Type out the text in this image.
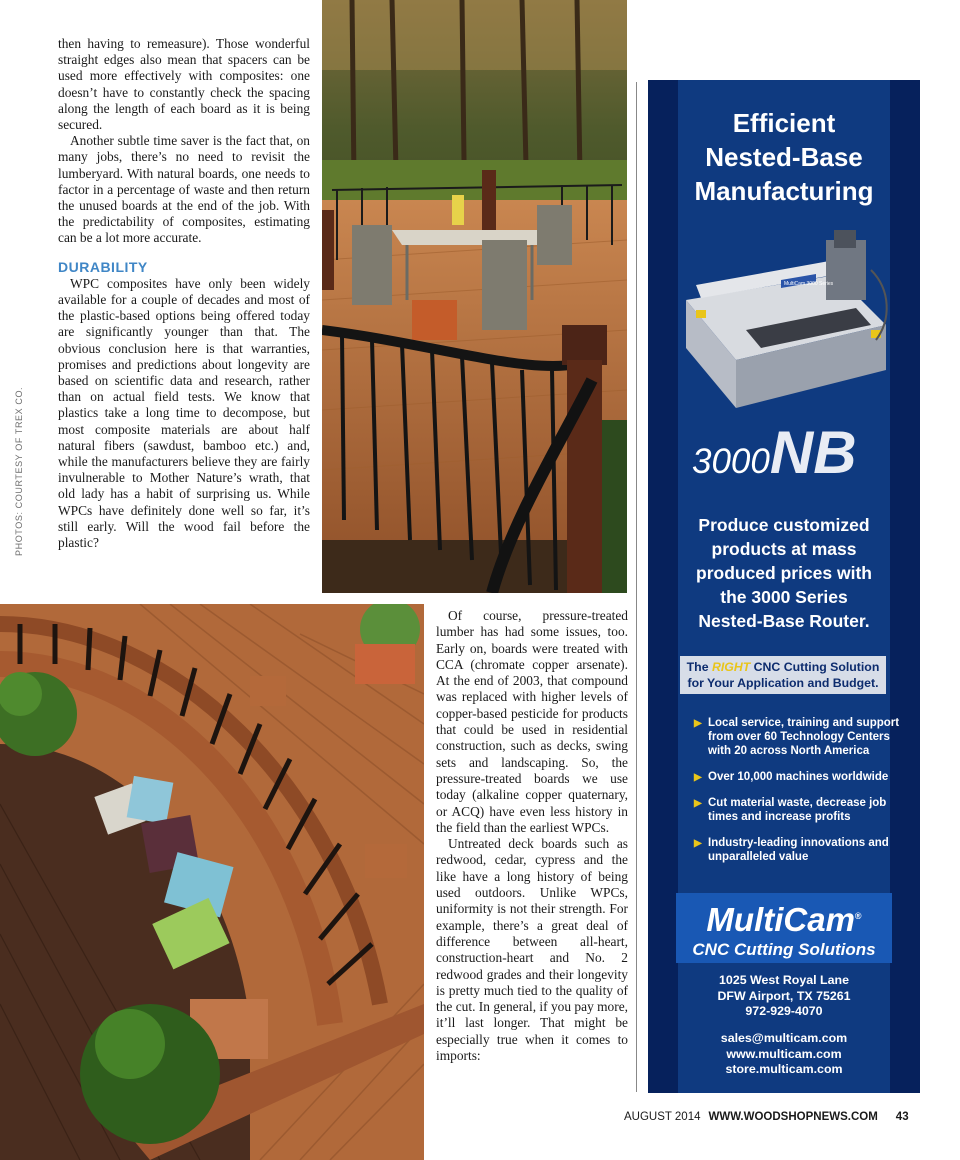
then having to remeasure). Those wonderful straight edges also mean that spacers can be used more effectively with composites: one doesn’t have to constantly check the spacing along the length of each board as it is being secured.

Another subtle time saver is the fact that, on many jobs, there’s no need to revisit the lumberyard. With natural boards, one needs to factor in a percentage of waste and then return the unused boards at the end of the job. With the predictability of composites, estimating can be a lot more accurate.

DURABILITY

WPC composites have only been widely available for a couple of decades and most of the plastic-based options being offered today are significantly younger than that. The obvious conclusion here is that warranties, promises and predictions about longevity are based on scientific data and research, rather than on actual field tests. We know that plastics take a long time to decompose, but most composite materials are about half natural fibers (sawdust, bamboo etc.) and, while the manufacturers believe they are fairly invulnerable to Mother Nature’s wrath, that old lady has a habit of surprising us. While WPCs have definitely done well so far, it’s still early. Will the wood fail before the plastic?

PHOTOS: COURTESY OF TREX CO.

Of course, pressure-treated lumber has had some issues, too. Early on, boards were treated with CCA (chromate copper arsenate). At the end of 2003, that compound was replaced with higher levels of copper-based pesticide for products that could be used in residential construction, such as decks, swing sets and landscaping. So, the pressure-treated boards we use today (alkaline copper quaternary, or ACQ) have even less history in the field than the earliest WPCs.

Untreated deck boards such as redwood, cedar, cypress and the like have a long history of being used outdoors. Unlike WPCs, uniformity is not their strength. For example, there’s a great deal of difference between all-heart, construction-heart and No. 2 redwood grades and their longevity is pretty much tied to the quality of the cut. In general, if you pay more, it’ll last longer. That might be especially true when it comes to imports:

Efficient
Nested-Base
Manufacturing
MultiCam 3000 Series
3000NB
Produce customized
products at mass
produced prices with
the 3000 Series
Nested-Base Router.
The RIGHT CNC Cutting Solution
for Your Application and Budget.
▶ Local service, training and support from over 60 Technology Centers with 20 across North America
▶ Over 10,000 machines worldwide
▶ Cut material waste, decrease job times and increase profits
▶ Industry-leading innovations and unparalleled value
MultiCam®
CNC Cutting Solutions
1025 West Royal Lane
DFW Airport, TX 75261
972-929-4070
sales@multicam.com
www.multicam.com
store.multicam.com
AUGUST 2014 WWW.WOODSHOPNEWS.COM 43
